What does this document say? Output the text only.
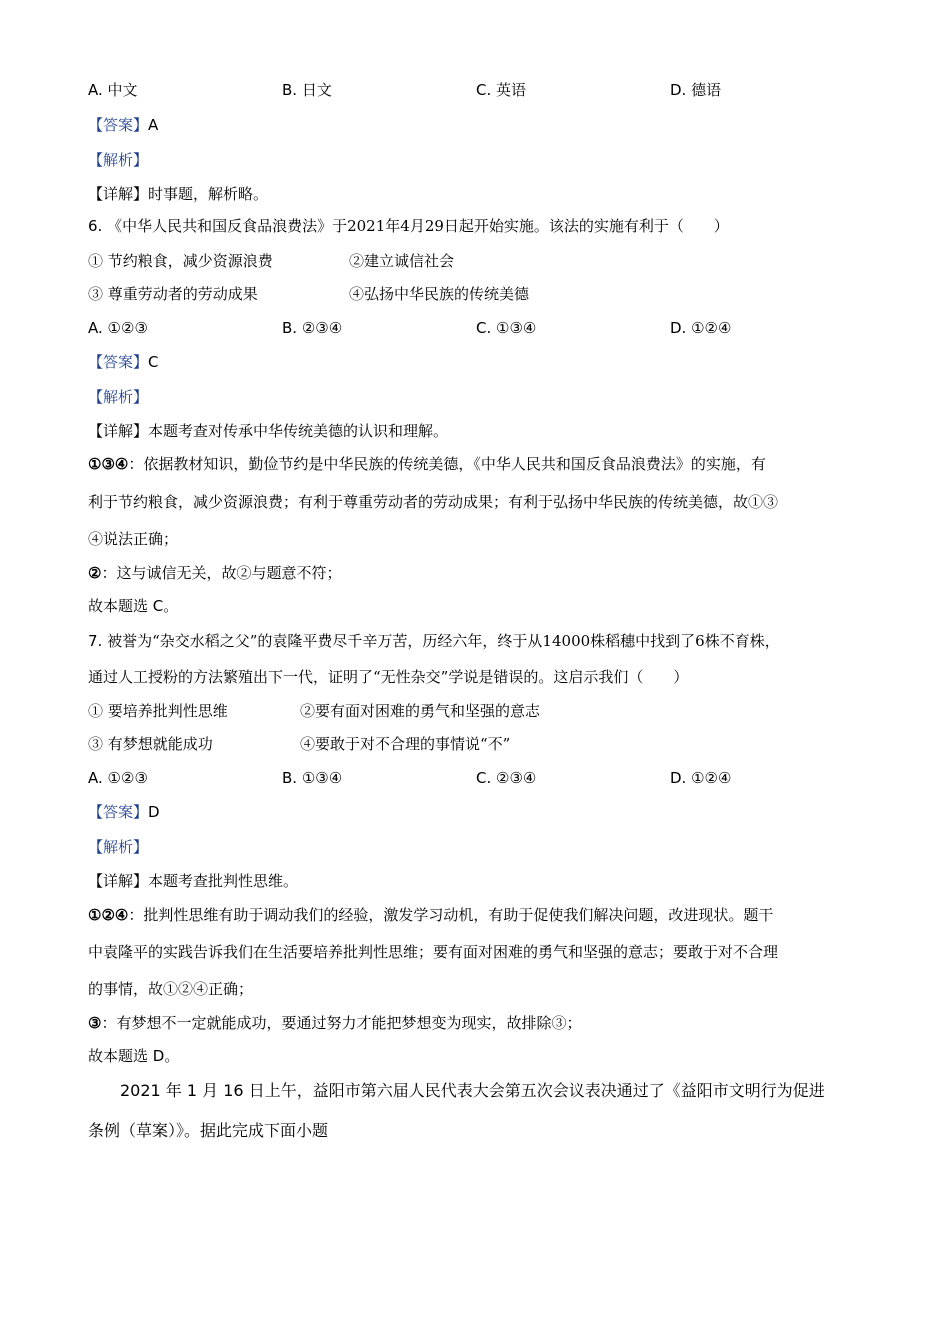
A. 中文	B. 日文	C. 英语	D. 德语
【答案】A
【解析】
【详解】时事题，解析略。
6. 《中华人民共和国反食品浪费法》于2021年4月29日起开始实施。该法的实施有利于（　　）
① 节约粮食，减少资源浪费	②建立诚信社会
③ 尊重劳动者的劳动成果	④弘扬中华民族的传统美德
A. ①②③	B. ②③④	C. ①③④	D. ①②④
【答案】C
【解析】
【详解】本题考查对传承中华传统美德的认识和理解。
①③④：依据教材知识，勤俭节约是中华民族的传统美德，《中华人民共和国反食品浪费法》的实施，有
利于节约粮食，减少资源浪费；有利于尊重劳动者的劳动成果；有利于弘扬中华民族的传统美德，故①③
④说法正确；
②：这与诚信无关，故②与题意不符；
故本题选 C。
7. 被誉为“杂交水稻之父”的袁隆平费尽千辛万苦，历经六年，终于从14000株稻穗中找到了6株不育株，
通过人工授粉的方法繁殖出下一代，证明了“无性杂交”学说是错误的。这启示我们（　　）
① 要培养批判性思维	②要有面对困难的勇气和坚强的意志
③ 有梦想就能成功	④要敢于对不合理的事情说“不”
A. ①②③	B. ①③④	C. ②③④	D. ①②④
【答案】D
【解析】
【详解】本题考查批判性思维。
①②④：批判性思维有助于调动我们的经验，激发学习动机，有助于促使我们解决问题，改进现状。题干
中袁隆平的实践告诉我们在生活要培养批判性思维；要有面对困难的勇气和坚强的意志；要敢于对不合理
的事情，故①②④正确；
③：有梦想不一定就能成功，要通过努力才能把梦想变为现实，故排除③；
故本题选 D。
2021 年 1 月 16 日上午，益阳市第六届人民代表大会第五次会议表决通过了《益阳市文明行为促进
条例（草案）》。据此完成下面小题
